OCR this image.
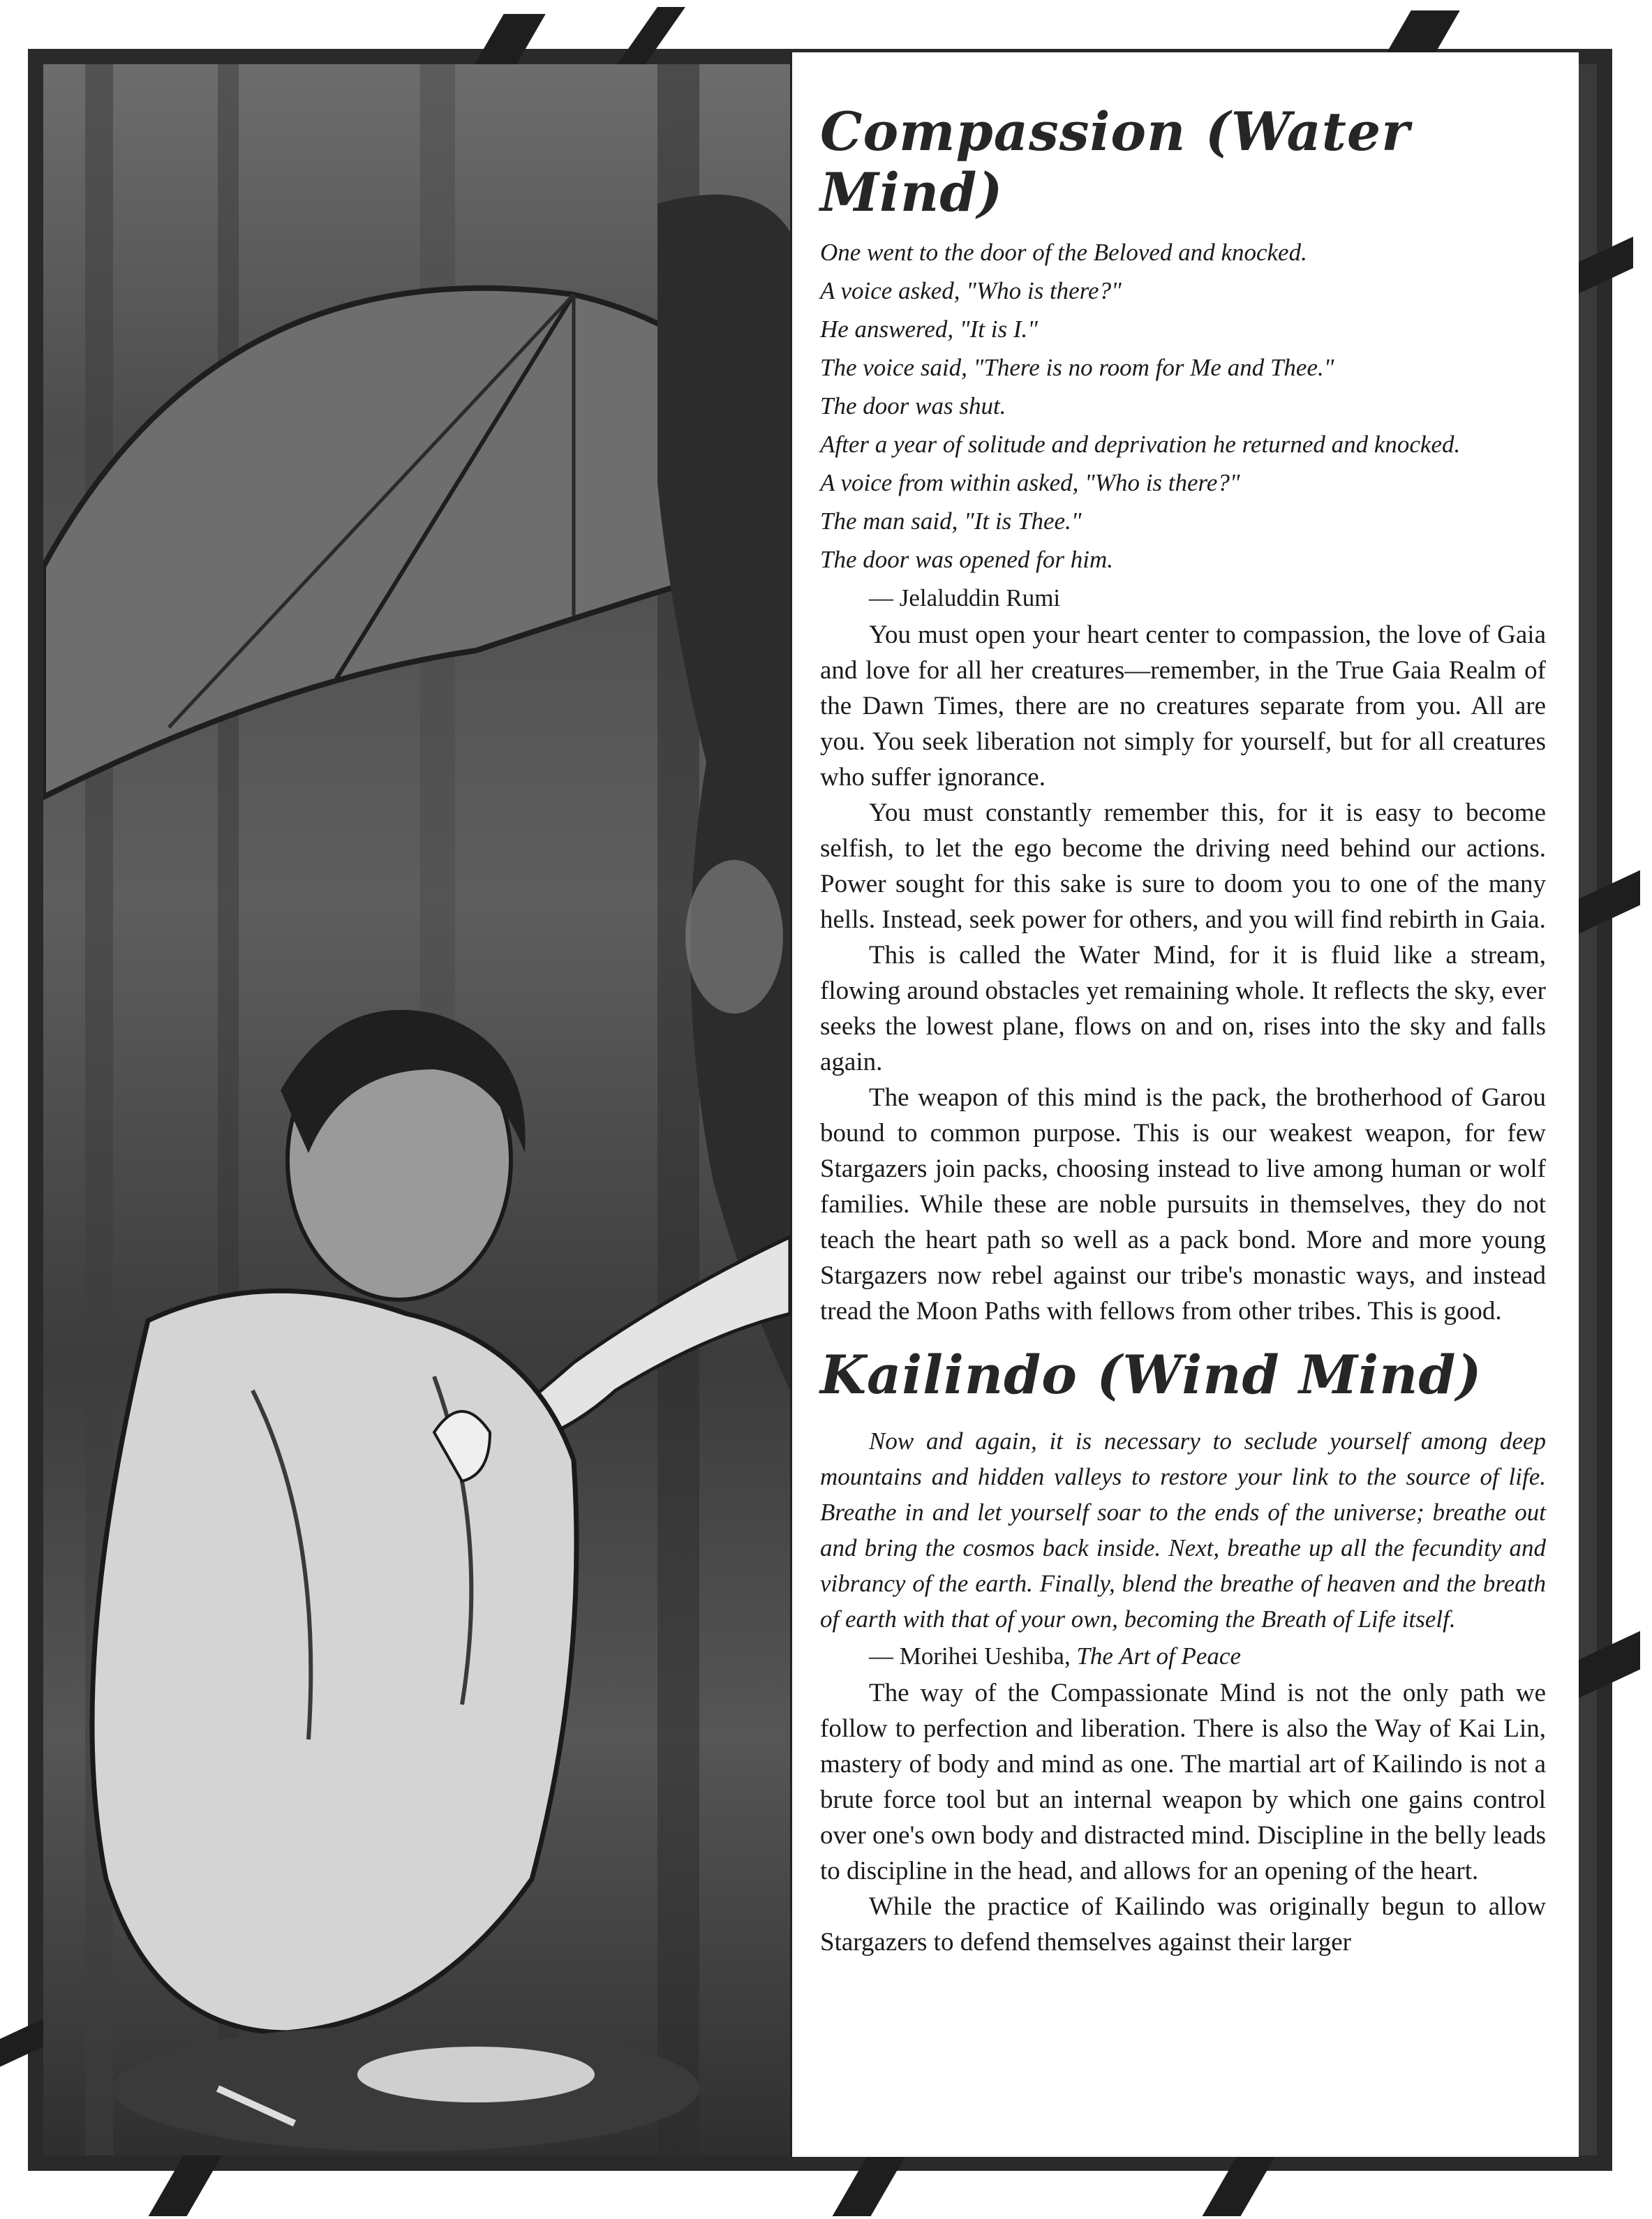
Compassion (Water Mind)

One went to the door of the Beloved and knocked.

A voice asked, "Who is there?"

He answered, "It is I."

The voice said, "There is no room for Me and Thee."

The door was shut.

After a year of solitude and deprivation he returned and knocked.

A voice from within asked, "Who is there?"

The man said, "It is Thee."

The door was opened for him.

— Jelaluddin Rumi

You must open your heart center to compassion, the love of Gaia and love for all her creatures—remember, in the True Gaia Realm of the Dawn Times, there are no creatures separate from you. All are you. You seek liberation not simply for yourself, but for all creatures who suffer ignorance.

You must constantly remember this, for it is easy to become selfish, to let the ego become the driving need behind our actions. Power sought for this sake is sure to doom you to one of the many hells. Instead, seek power for others, and you will find rebirth in Gaia.

This is called the Water Mind, for it is fluid like a stream, flowing around obstacles yet remaining whole. It reflects the sky, ever seeks the lowest plane, flows on and on, rises into the sky and falls again.

The weapon of this mind is the pack, the brotherhood of Garou bound to common purpose. This is our weakest weapon, for few Stargazers join packs, choosing instead to live among human or wolf families. While these are noble pursuits in themselves, they do not teach the heart path so well as a pack bond. More and more young Stargazers now rebel against our tribe's monastic ways, and instead tread the Moon Paths with fellows from other tribes. This is good.

Kailindo (Wind Mind)

Now and again, it is necessary to seclude yourself among deep mountains and hidden valleys to restore your link to the source of life. Breathe in and let yourself soar to the ends of the universe; breathe out and bring the cosmos back inside. Next, breathe up all the fecundity and vibrancy of the earth. Finally, blend the breathe of heaven and the breath of earth with that of your own, becoming the Breath of Life itself.

— Morihei Ueshiba, The Art of Peace

The way of the Compassionate Mind is not the only path we follow to perfection and liberation. There is also the Way of Kai Lin, mastery of body and mind as one. The martial art of Kailindo is not a brute force tool but an internal weapon by which one gains control over one's own body and distracted mind. Discipline in the belly leads to discipline in the head, and allows for an opening of the heart.

While the practice of Kailindo was originally begun to allow Stargazers to defend themselves against their larger
